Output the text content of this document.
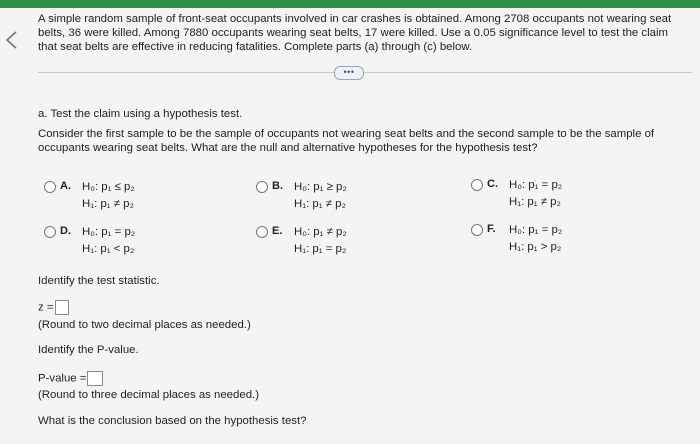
A simple random sample of front-seat occupants involved in car crashes is obtained. Among 2708 occupants not wearing seat belts, 36 were killed. Among 7880 occupants wearing seat belts, 17 were killed. Use a 0.05 significance level to test the claim that seat belts are effective in reducing fatalities. Complete parts (a) through (c) below.
•••
a. Test the claim using a hypothesis test.
Consider the first sample to be the sample of occupants not wearing seat belts and the second sample to be the sample of occupants wearing seat belts. What are the null and alternative hypotheses for the hypothesis test?
A. H₀: p₁ ≤ p₂
H₁: p₁ ≠ p₂
B. H₀: p₁ ≥ p₂
H₁: p₁ ≠ p₂
C. H₀: p₁ = p₂
H₁: p₁ ≠ p₂
D. H₀: p₁ = p₂
H₁: p₁ < p₂
E. H₀: p₁ ≠ p₂
H₁: p₁ = p₂
F. H₀: p₁ = p₂
H₁: p₁ > p₂
Identify the test statistic.
z =
(Round to two decimal places as needed.)
Identify the P-value.
P-value =
(Round to three decimal places as needed.)
What is the conclusion based on the hypothesis test?
